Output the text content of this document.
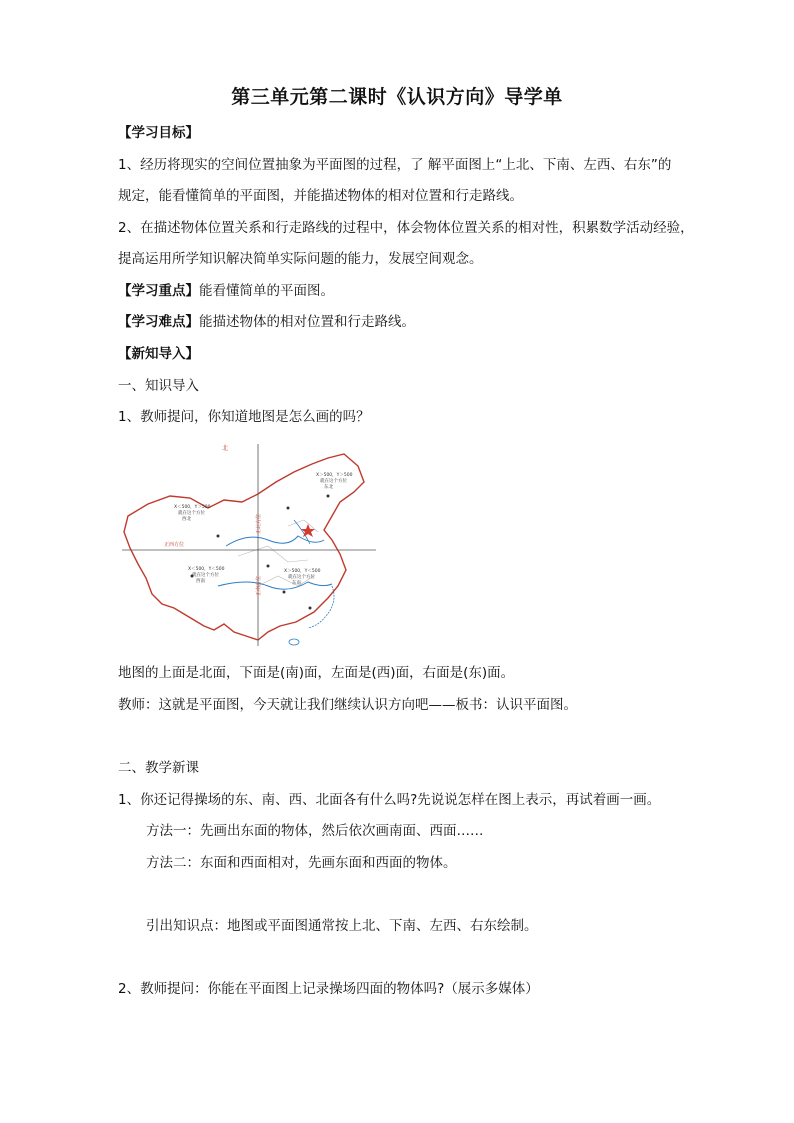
第三单元第二课时《认识方向》导学单
【学习目标】
1、经历将现实的空间位置抽象为平面图的过程，了 解平面图上“上北、下南、左西、右东”的
规定，能看懂简单的平面图，并能描述物体的相对位置和行走路线。
2、在描述物体位置关系和行走路线的过程中，体会物体位置关系的相对性，积累数学活动经验，
提高运用所学知识解决简单实际问题的能力，发展空间观念。
【学习重点】能看懂简单的平面图。
【学习难点】能描述物体的相对位置和行走路线。
【新知导入】
一、知识导入
1、教师提问，你知道地图是怎么画的吗？
北
正西方位
正北方位
正南方位
X＞500，Y＞500
就在这个方位
东北
X＜500，Y＞500
就在这个方位
西北
X＜500，Y＜500
就在这个方位
西南
X＞500，Y＜500
就在这个方位
东南
地图的上面是北面，下面是(南)面，左面是(西)面，右面是(东)面。
教师：这就是平面图，今天就让我们继续认识方向吧——板书：认识平面图。
二、教学新课
1、你还记得操场的东、南、西、北面各有什么吗?先说说怎样在图上表示，再试着画一画。
方法一：先画出东面的物体，然后依次画南面、西面……
方法二：东面和西面相对，先画东面和西面的物体。
引出知识点：地图或平面图通常按上北、下南、左西、右东绘制。
2、教师提问：你能在平面图上记录操场四面的物体吗?（展示多媒体）
